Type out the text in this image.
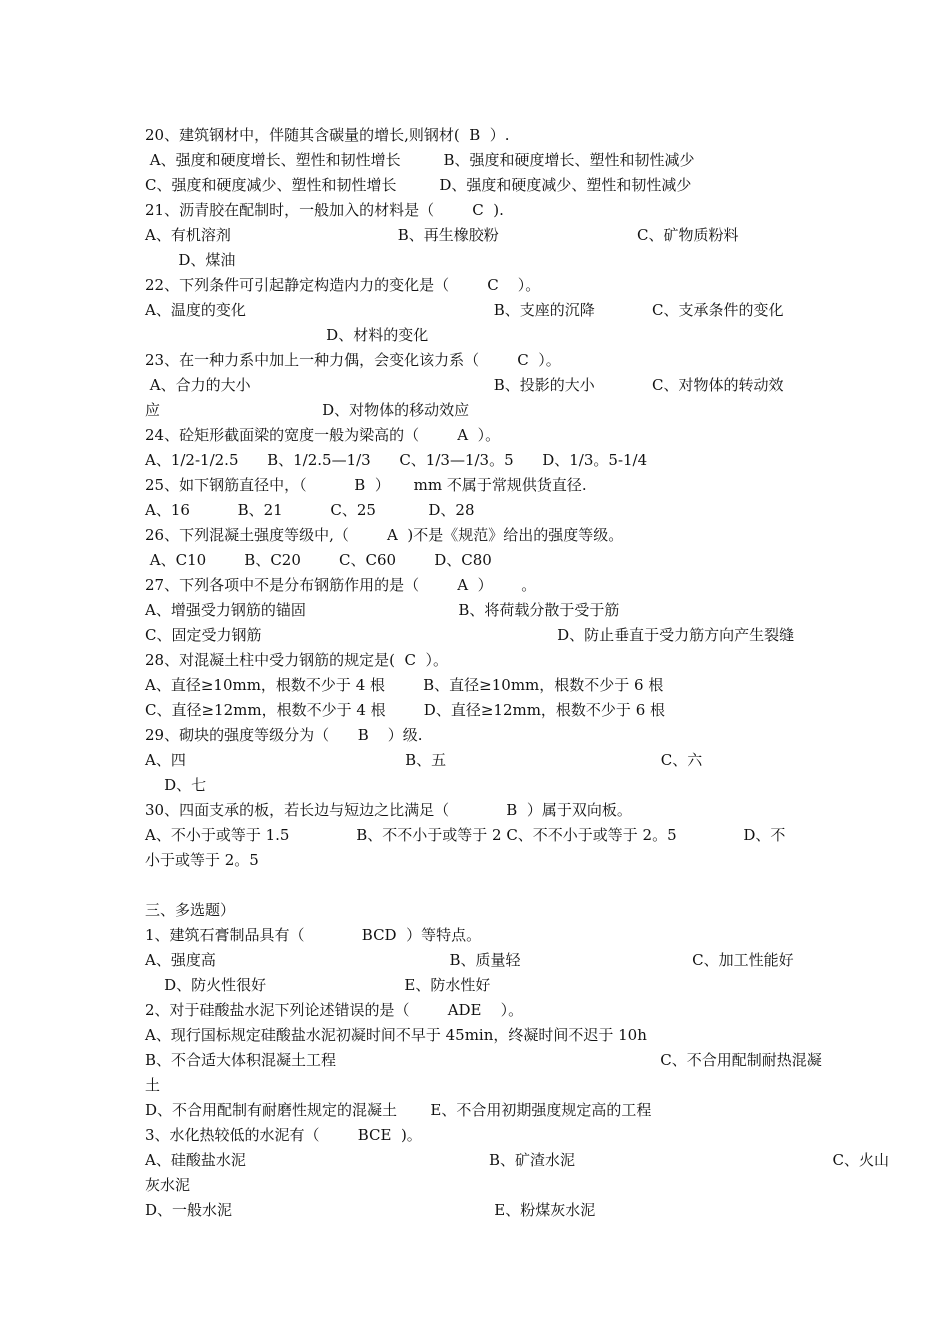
20、建筑钢材中，伴随其含碳量的增长,则钢材(  B  ）.
A、强度和硬度增长、塑性和韧性增长         B、强度和硬度增长、塑性和韧性减少
C、强度和硬度减少、塑性和韧性增长         D、强度和硬度减少、塑性和韧性减少
21、沥青胶在配制时，一般加入的材料是（        C  ).
A、有机溶剂                                   B、再生橡胶粉                             C、矿物质粉料
D、煤油
22、下列条件可引起静定构造内力的变化是（        C    ）。
A、温度的变化                                                    B、支座的沉降            C、支承条件的变化
D、材料的变化
23、在一种力系中加上一种力偶，会变化该力系（        C  ）。
A、合力的大小                                                   B、投影的大小            C、对物体的转动效
应                                  D、对物体的移动效应
24、砼矩形截面梁的宽度一般为梁高的（        A  ）。
A、1/2-1/2.5      B、1/2.5—1/3      C、1/3—1/3。5      D、1/3。5-1/4
25、如下钢筋直径中，（          B  ）     mm 不属于常规供货直径.
A、16          B、21          C、25           D、28
26、下列混凝土强度等级中,（        A  )不是《规范》给出的强度等级。
A、C10        B、C20        C、C60        D、C80
27、下列各项中不是分布钢筋作用的是（        A  ）      。
A、增强受力钢筋的锚固                                B、将荷载分散于受于筋
C、固定受力钢筋                                                              D、防止垂直于受力筋方向产生裂缝
28、对混凝土柱中受力钢筋的规定是(  C  ）。
A、直径≥10mm，根数不少于 4 根        B、直径≥10mm，根数不少于 6 根
C、直径≥12mm，根数不少于 4 根        D、直径≥12mm，根数不少于 6 根
29、砌块的强度等级分为（      B    ）级.
A、四                                              B、五                                             C、六
D、七
30、四面支承的板，若长边与短边之比满足（            B  ）属于双向板。
A、不小于或等于 1.5              B、不不小于或等于 2 C、不不小于或等于 2。5              D、不
小于或等于 2。5
三、多选题）
1、建筑石膏制品具有（            BCD  ）等特点。
A、强度高                                                 B、质量轻                                    C、加工性能好
D、防火性很好                             E、防水性好
2、对于硅酸盐水泥下列论述错误的是（        ADE    ）。
A、现行国标规定硅酸盐水泥初凝时间不早于 45min，终凝时间不迟于 10h
B、不合适大体积混凝土工程                                                                    C、不合用配制耐热混凝
土
D、不合用配制有耐磨性规定的混凝土       E、不合用初期强度规定高的工程
3、水化热较低的水泥有（        BCE  )。
A、硅酸盐水泥                                                   B、矿渣水泥                                                      C、火山
灰水泥
D、一般水泥                                                       E、粉煤灰水泥
